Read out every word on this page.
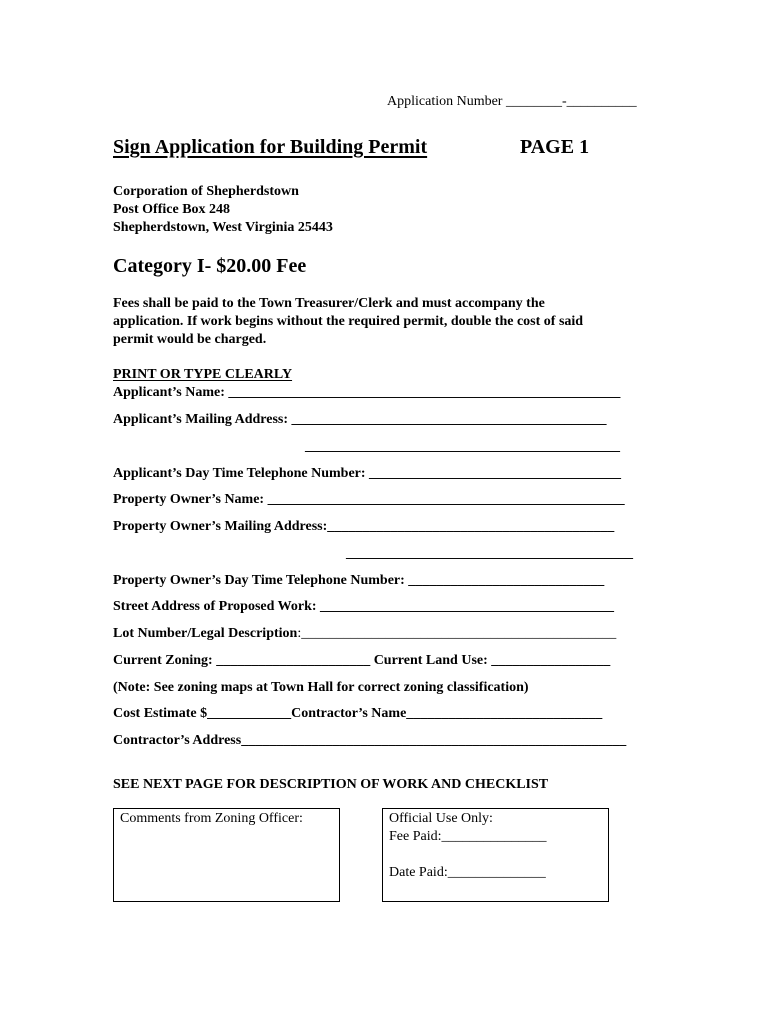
Application Number ________-__________
Sign Application for Building Permit	PAGE 1
Corporation of Shepherdstown
Post Office Box 248
Shepherdstown, West Virginia 25443
Category I- $20.00 Fee
Fees shall be paid to the Town Treasurer/Clerk and must accompany the
application. If work begins without the required permit, double the cost of said
permit would be charged.
PRINT OR TYPE CLEARLY
Applicant’s Name: ________________________________________________________
Applicant’s Mailing Address: _____________________________________________
_____________________________________________
Applicant’s Day Time Telephone Number: ____________________________________
Property Owner’s Name: ___________________________________________________
Property Owner’s Mailing Address:_________________________________________
_________________________________________
Property Owner’s Day Time Telephone Number: ____________________________
Street Address of Proposed Work: __________________________________________
Lot Number/Legal Description:_____________________________________________
Current Zoning: ______________________ Current Land Use: _________________
(Note: See zoning maps at Town Hall for correct zoning classification)
Cost Estimate $____________Contractor’s Name____________________________
Contractor’s Address_______________________________________________________
SEE NEXT PAGE FOR DESCRIPTION OF WORK AND CHECKLIST
Comments from Zoning Officer:	Official Use Only:
Fee Paid:_______________
Date Paid:______________
